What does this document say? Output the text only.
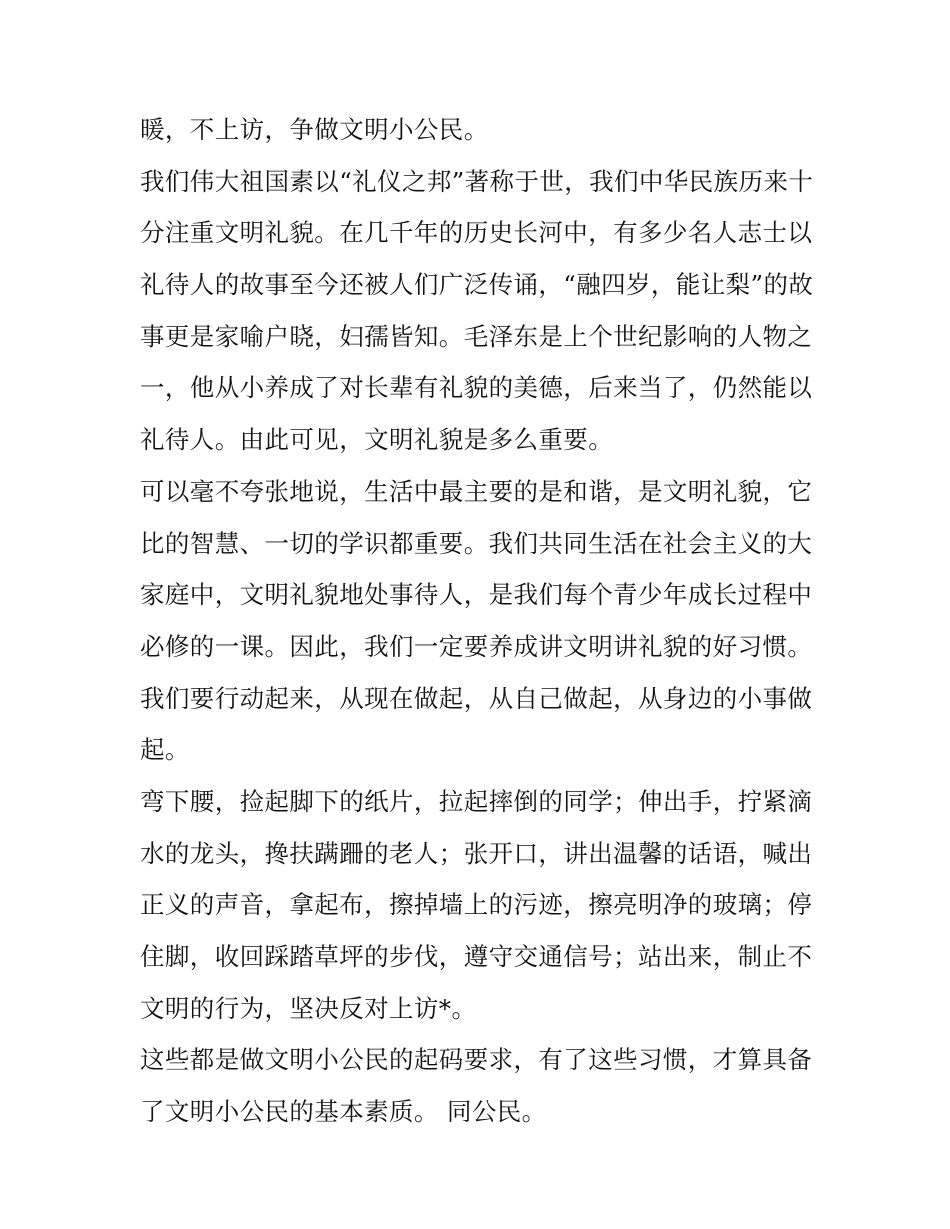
暖，不上访，争做文明小公民。
我们伟大祖国素以“礼仪之邦”著称于世，我们中华民族历来十
分注重文明礼貌。在几千年的历史长河中，有多少名人志士以
礼待人的故事至今还被人们广泛传诵，“融四岁，能让梨”的故
事更是家喻户晓，妇孺皆知。毛泽东是上个世纪影响的人物之
一，他从小养成了对长辈有礼貌的美德，后来当了，仍然能以
礼待人。由此可见，文明礼貌是多么重要。
可以毫不夸张地说，生活中最主要的是和谐，是文明礼貌，它
比的智慧、一切的学识都重要。我们共同生活在社会主义的大
家庭中，文明礼貌地处事待人，是我们每个青少年成长过程中
必修的一课。因此，我们一定要养成讲文明讲礼貌的好习惯。
我们要行动起来，从现在做起，从自己做起，从身边的小事做
起。
弯下腰，捡起脚下的纸片，拉起摔倒的同学；伸出手，拧紧滴
水的龙头，搀扶蹒跚的老人；张开口，讲出温馨的话语，喊出
正义的声音，拿起布，擦掉墙上的污迹，擦亮明净的玻璃；停
住脚，收回踩踏草坪的步伐，遵守交通信号；站出来，制止不
文明的行为，坚决反对上访*。
这些都是做文明小公民的起码要求，有了这些习惯，才算具备
了文明小公民的基本素质。 同公民。
